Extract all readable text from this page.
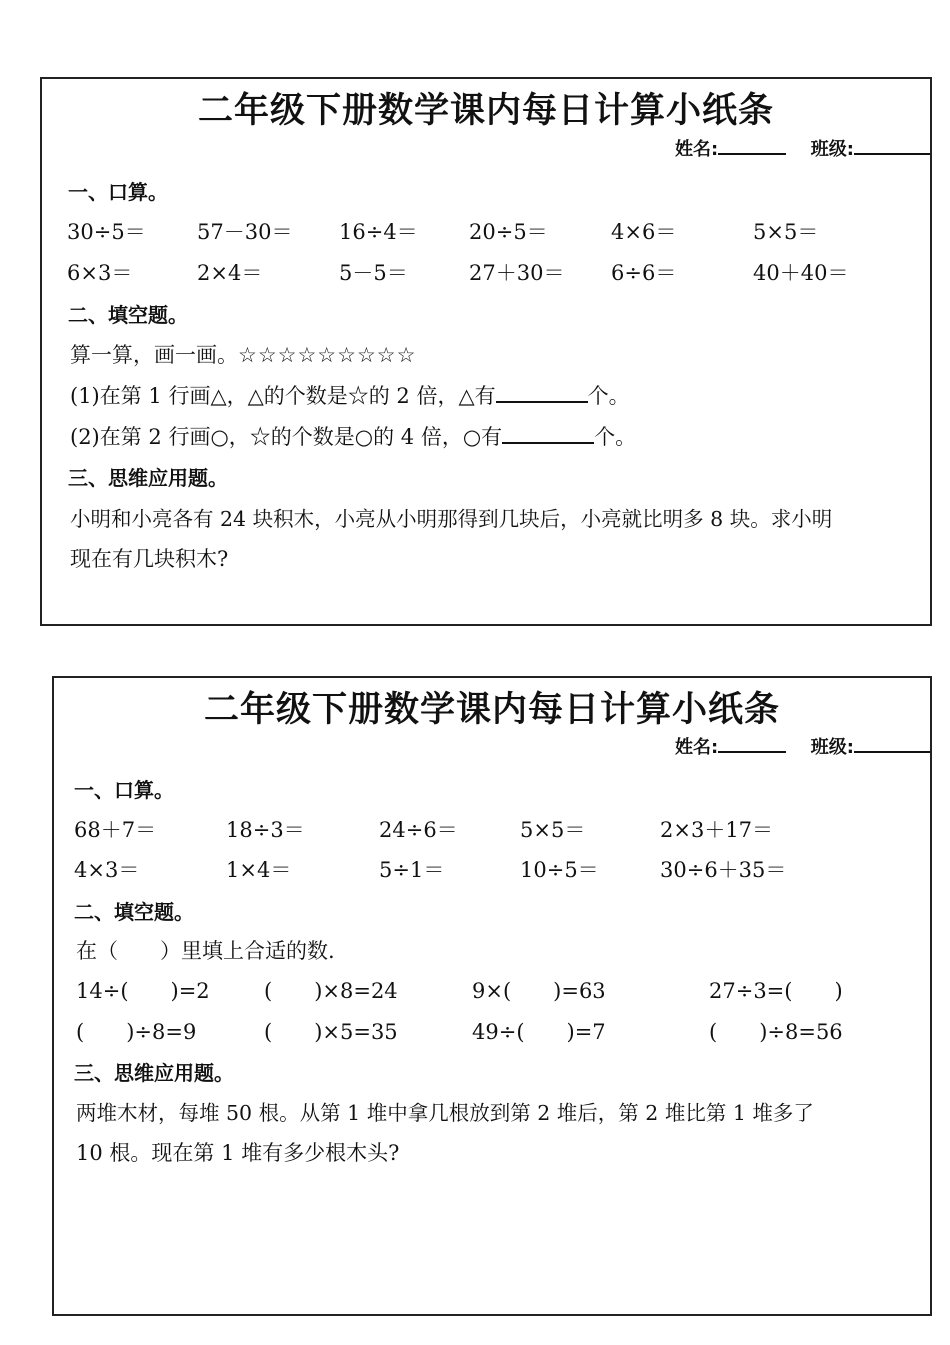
二年级下册数学课内每日计算小纸条
姓名:	班级:
一、口算。
30÷5＝ 57－30＝ 16÷4＝ 20÷5＝	4×6＝	5×5＝
6×3＝	2×4＝	5－5＝	27＋30＝ 6÷6＝	40＋40＝
二、填空题。
算一算，画一画。☆☆☆☆☆☆☆☆☆
(1)在第 1 行画△，△的个数是☆的 2 倍，△有	个。
(2)在第 2 行画○，☆的个数是○的 4 倍，○有	个。
三、思维应用题。
小明和小亮各有 24 块积木，小亮从小明那得到几块后，小亮就比明多 8 块。求小明
现在有几块积木?
二年级下册数学课内每日计算小纸条
姓名:	班级:
一、口算。
68＋7＝	18÷3＝	24÷6＝	5×5＝	2×3＋17＝
4×3＝	1×4＝	5÷1＝	10÷5＝	30÷6＋35＝
二、填空题。
在（　　）里填上合适的数.
14÷(　　)=2	(　　)×8=24	9×(　　)=63	27÷3=(　　)
(　　)÷8=9	(　　)×5=35	49÷(　　)=7	(　　)÷8=56
三、思维应用题。
两堆木材，每堆 50 根。从第 1 堆中拿几根放到第 2 堆后，第 2 堆比第 1 堆多了
10 根。现在第 1 堆有多少根木头?
